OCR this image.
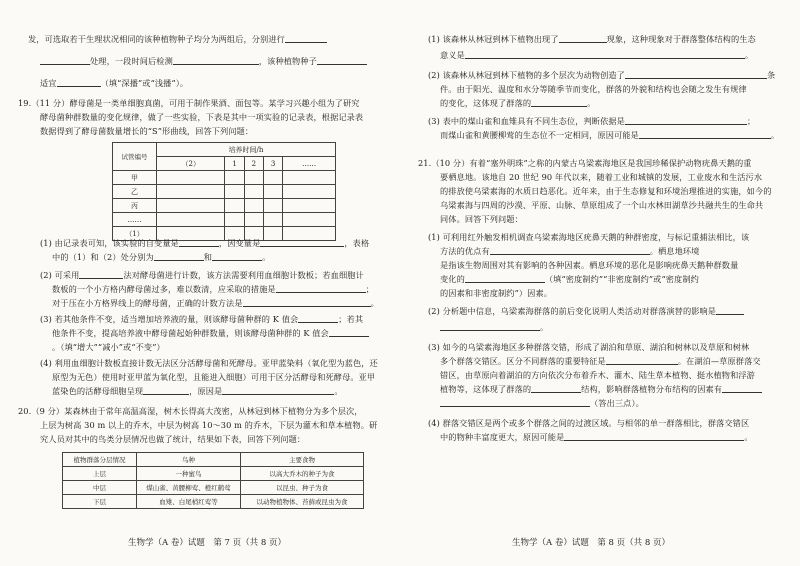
发，可选取若干生理状况相同的该种植物种子均分为两组后，分别进行
处理，一段时间后检测	，该种植物种子
适宜	（填“深播”或“浅播”）。
19.（11 分）酵母菌是一类单细胞真菌，可用于制作果酒、面包等。某学习兴趣小组为了研究
酵母菌种群数量的变化规律，做了一些实验，下表是其中一项实验的记录表，根据记录表
数据得到了酵母菌数量增长的“S”形曲线，回答下列问题：
试管编号	培养时间/h				
	（2）	1	2	3	……
甲					
乙					
丙					
……					
（1）					
(1) 由记录表可知，该实验的自变量是	，因变量是	，表格
中的（1）和（2）处分别为	和	。
(2) 可采用	法对酵母菌进行计数，该方法需要利用血细胞计数板；若血细胞计
数板的一个小方格内酵母菌过多，难以数清，应采取的措施是	；
对于压在小方格界线上的酵母菌，正确的计数方法是	。
(3) 若其他条件不变，适当增加培养液的量，则该酵母菌种群的 K 值会	；若其
他条件不变，提高培养液中酵母菌起始种群数量，则该酵母菌种群的 K 值会
。（填“增大”“减小”或“不变”）
(4) 利用血细胞计数板直接计数无法区分活酵母菌和死酵母。亚甲蓝染料（氧化型为蓝色，还
原型为无色）使用时亚甲蓝为氧化型，且能进入细胞）可用于区分活酵母和死酵母。亚甲
蓝染色的活酵母细胞呈现	，原因是	。
20.（9 分）某森林由于常年高温高湿，树木长得高大茂密，从林冠到林下植物分为多个层次，
上层为树高 30 m 以上的乔木，中层为树高 10～30 m 的乔木，下层为灌木和草本植物。研
究人员对其中的鸟类分层情况也做了统计，结果如下表，回答下列问题：
植物群落分层情况	鸟种	主要食物
上层	一种蜜鸟	以高大乔木的种子为食
中层	煤山雀、黄腰柳莺、橙红鹤莺	以昆虫、种子为食
下层	血雉、白尾梢红莺等	以动物植物体、苔藓或昆虫为食
生物学（A 卷）试题　第 7 页（共 8 页）
(1) 该森林从林冠到林下植物出现了	现象，这种现象对于群落整体结构的生态
意义是	。
(2) 该森林从林冠到林下植物的多个层次为动物创造了	条
件。由于阳光、温度和水分等随季节而变化，群落的外貌和结构也会随之发生有规律
的变化，这体现了群落的	。
(3) 表中的煤山雀和血雉具有不同生态位，判断依据是	；
而煤山雀和黄腰柳莺的生态位不一定相同，原因可能是	。
21.（10 分）有着“塞外明珠”之称的内蒙古乌梁素海地区是我国珍稀保护动物疣鼻天鹅的重
要栖息地。该地自 20 世纪 90 年代以来，随着工业和城镇的发展，工业废水和生活污水
的排放使乌梁素海的水质日趋恶化。近年来，由于生态修复和环境治理推进的实施，如今的
乌梁素海与四周的沙漠、平原、山脉、草原组成了一个山水林田湖草沙共融共生的生命共
同体。回答下列问题：
(1) 可利用红外触发相机调查乌梁素海地区疣鼻天鹅的种群密度，与标记重捕法相比，该
方法的优点有	。栖息地环境
是指该生物周围对其有影响的各种因素。栖息环境的恶化是影响疣鼻天鹅种群数量
变化的	（填“密度制约”“非密度制约”或“密度制约
的因素和非密度制约”）因素。
(2) 分析题中信息，乌梁素海群落的前后变化说明人类活动对群落演替的影响是
。
(3) 如今的乌梁素海地区多种群落交错，形成了湖泊和草原、湖泊和树林以及草原和树林
多个群落交错区。区分不同群落的重要特征是	。在湖泊—草原群落交
错区，由草原向着湖泊的方向依次分布着乔木、灌木、陆生草本植物、挺水植物和浮游
植物等，这体现了群落的	结构，影响群落植物分布结构的因素有
（答出三点）。
(4) 群落交错区是两个或多个群落之间的过渡区域。与相邻的单一群落相比，群落交错区
中的物种丰富度更大，原因可能是	。
生物学（A 卷）试题　第 8 页（共 8 页）
